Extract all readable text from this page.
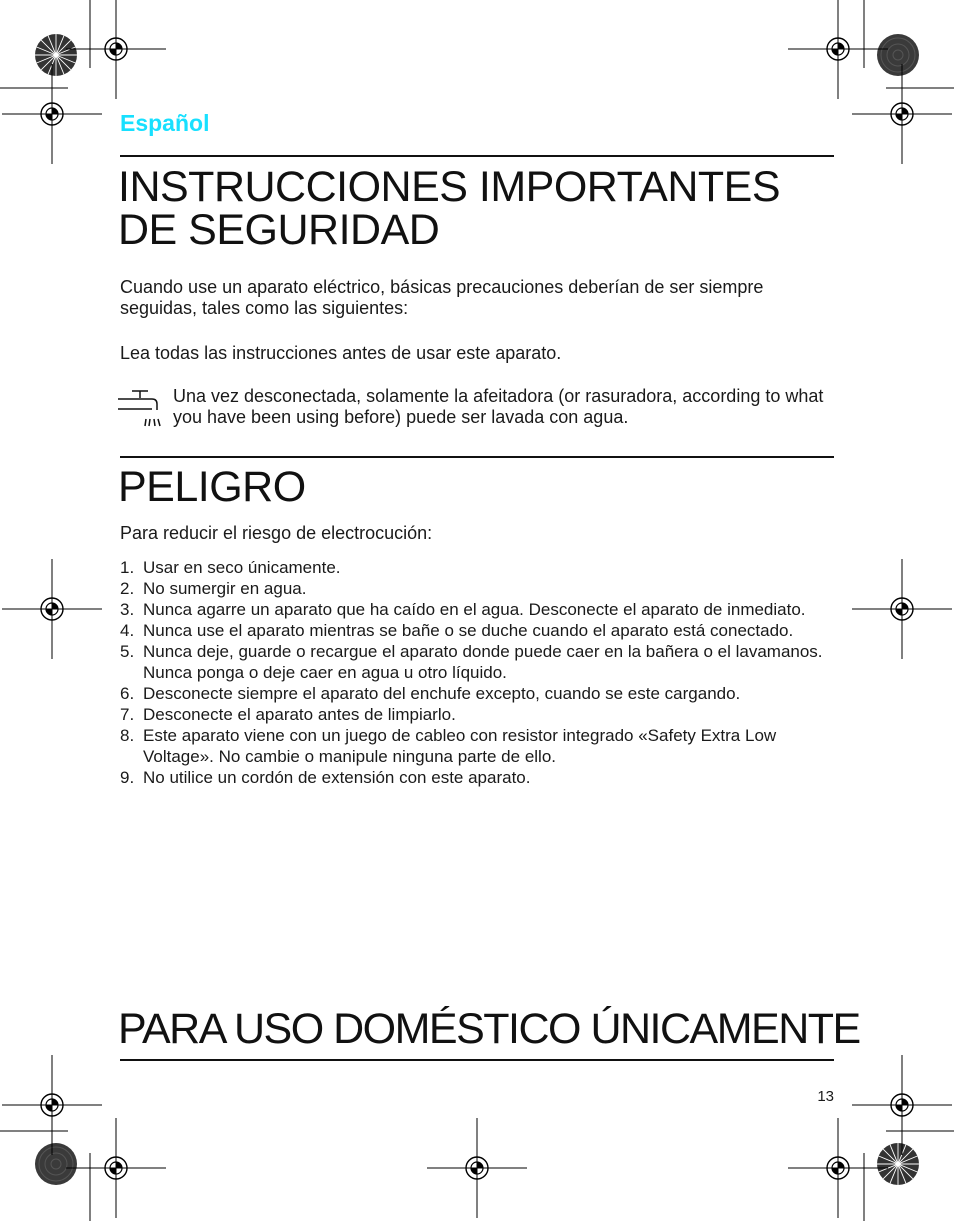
Español
INSTRUCCIONES IMPORTANTES
DE SEGURIDAD

Cuando use un aparato eléctrico, básicas precauciones deberían de ser siempre seguidas, tales como las siguientes:

Lea todas las instrucciones antes de usar este aparato.

Una vez desconectada, solamente la afeitadora (or rasuradora, according to what you have been using before) puede ser lavada con agua.

PELIGRO

Para reducir el riesgo de electrocución:

1. Usar en seco únicamente.
2. No sumergir en agua.
3. Nunca agarre un aparato que ha caído en el agua. Desconecte el aparato de inmediato.
4. Nunca use el aparato mientras se bañe o se duche cuando el aparato está conectado.
5. Nunca deje, guarde o recargue el aparato donde puede caer en la bañera o el lavamanos. Nunca ponga o deje caer en agua u otro líquido.
6. Desconecte siempre el aparato del enchufe excepto, cuando se este cargando.
7. Desconecte el aparato antes de limpiarlo.
8. Este aparato viene con un juego de cableo con resistor integrado «Safety Extra Low Voltage». No cambie o manipule ninguna parte de ello.
9. No utilice un cordón de extensión con este aparato.
PARA USO DOMÉSTICO ÚNICAMENTE
13
